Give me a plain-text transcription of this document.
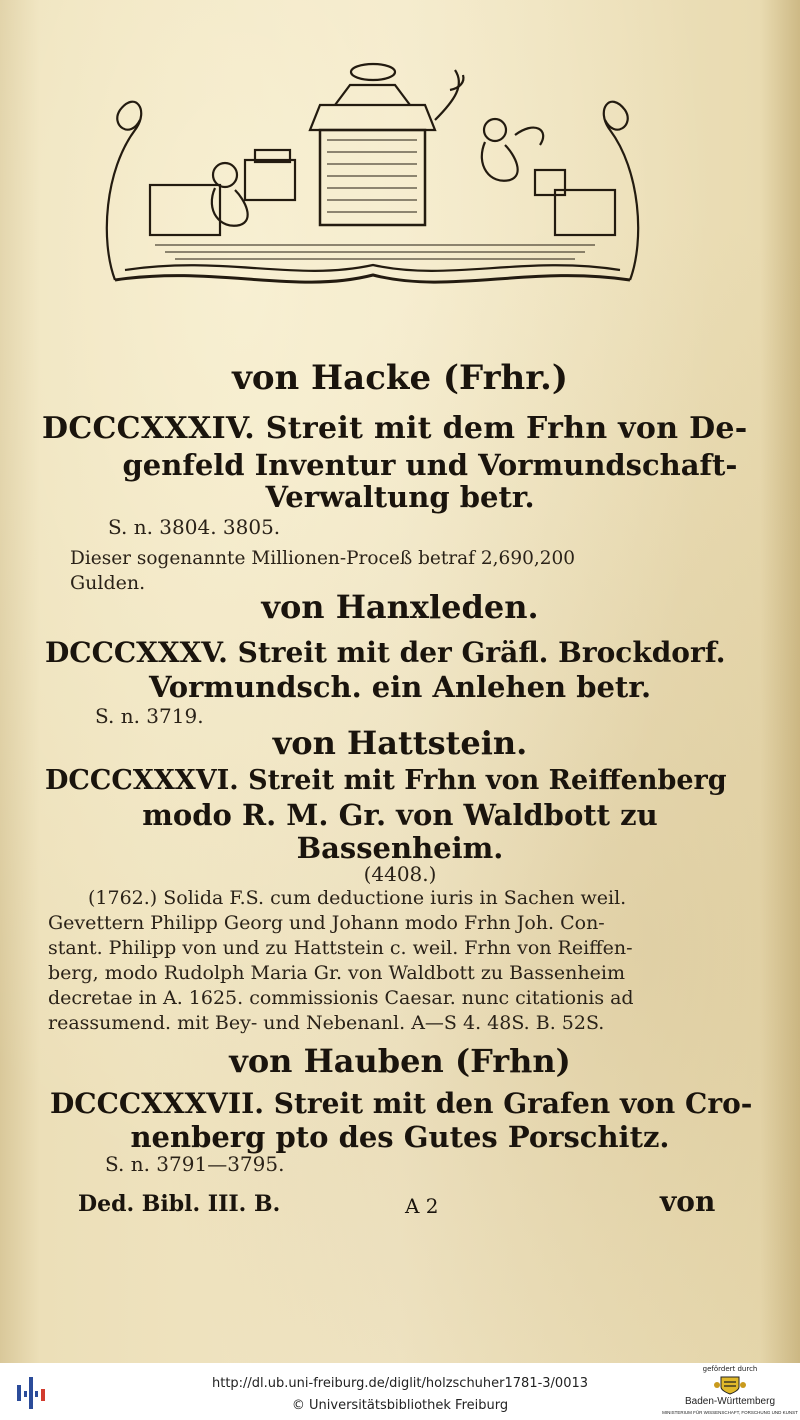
von Hacke (Frhr.)
DCCCXXXIV. Streit mit dem Frhn von De-
genfeld Inventur und Vormundschaft-
Verwaltung betr.
S. n. 3804. 3805.
Dieser sogenannte Millionen-Proceß betraf 2,690,200
Gulden.
von Hanxleden.
DCCCXXXV. Streit mit der Gräfl. Brockdorf.
Vormundsch. ein Anlehen betr.
S. n. 3719.
von Hattstein.
DCCCXXXVI. Streit mit Frhn von Reiffenberg
modo R. M. Gr. von Waldbott zu
Bassenheim.
(4408.)
(1762.) Solida F.S. cum deductione iuris in Sachen weil.
Gevettern Philipp Georg und Johann modo Frhn Joh. Con-
stant. Philipp von und zu Hattstein c. weil. Frhn von Reiffen-
berg, modo Rudolph Maria Gr. von Waldbott zu Bassenheim
decretae in A. 1625. commissionis Caesar. nunc citationis ad
reassumend. mit Bey- und Nebenanl. A—S 4. 48S. B. 52S.
von Hauben (Frhn)
DCCCXXXVII. Streit mit den Grafen von Cro-
nenberg pto des Gutes Porschitz.
S. n. 3791—3795.
Ded. Bibl. III. B.	A 2	von
http://dl.ub.uni-freiburg.de/diglit/holzschuher1781-3/0013
© Universitätsbibliothek Freiburg
gefördert durch
Baden-Württemberg
MINISTERIUM FÜR WISSENSCHAFT, FORSCHUNG UND KUNST
